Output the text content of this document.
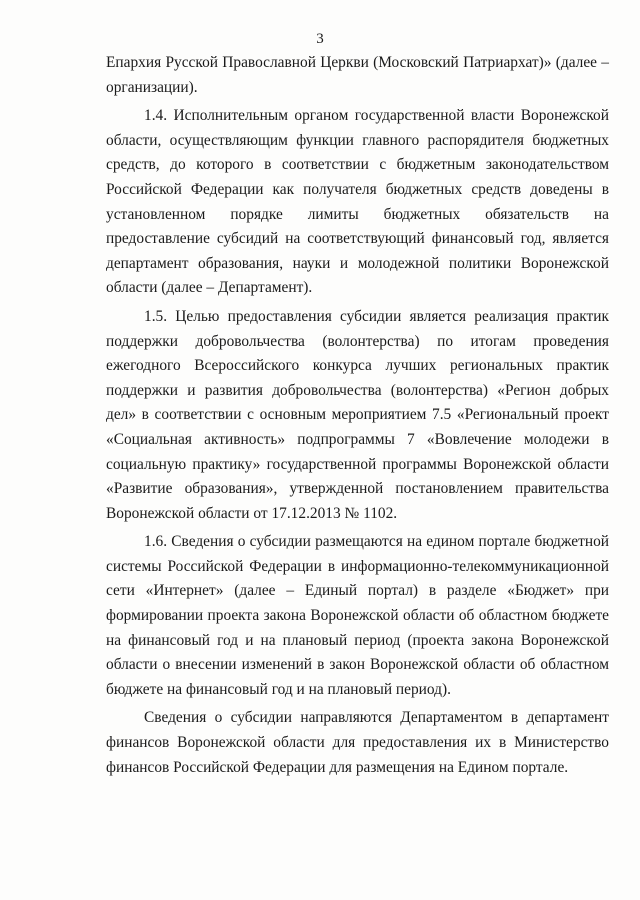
3

Епархия Русской Православной Церкви (Московский Патриархат)» (далее – организации).

1.4. Исполнительным органом государственной власти Воронежской области, осуществляющим функции главного распорядителя бюджетных средств, до которого в соответствии с бюджетным законодательством Российской Федерации как получателя бюджетных средств доведены в установленном порядке лимиты бюджетных обязательств на предоставление субсидий на соответствующий финансовый год, является департамент образования, науки и молодежной политики Воронежской области (далее – Департамент).

1.5. Целью предоставления субсидии является реализация практик поддержки добровольчества (волонтерства) по итогам проведения ежегодного Всероссийского конкурса лучших региональных практик поддержки и развития добровольчества (волонтерства) «Регион добрых дел» в соответствии с основным мероприятием 7.5 «Региональный проект «Социальная активность» подпрограммы 7 «Вовлечение молодежи в социальную практику» государственной программы Воронежской области «Развитие образования», утвержденной постановлением правительства Воронежской области от 17.12.2013 № 1102.

1.6. Сведения о субсидии размещаются на едином портале бюджетной системы Российской Федерации в информационно-телекоммуникационной сети «Интернет» (далее – Единый портал) в разделе «Бюджет» при формировании проекта закона Воронежской области об областном бюджете на финансовый год и на плановый период (проекта закона Воронежской области о внесении изменений в закон Воронежской области об областном бюджете на финансовый год и на плановый период).

Сведения о субсидии направляются Департаментом в департамент финансов Воронежской области для предоставления их в Министерство финансов Российской Федерации для размещения на Едином портале.
